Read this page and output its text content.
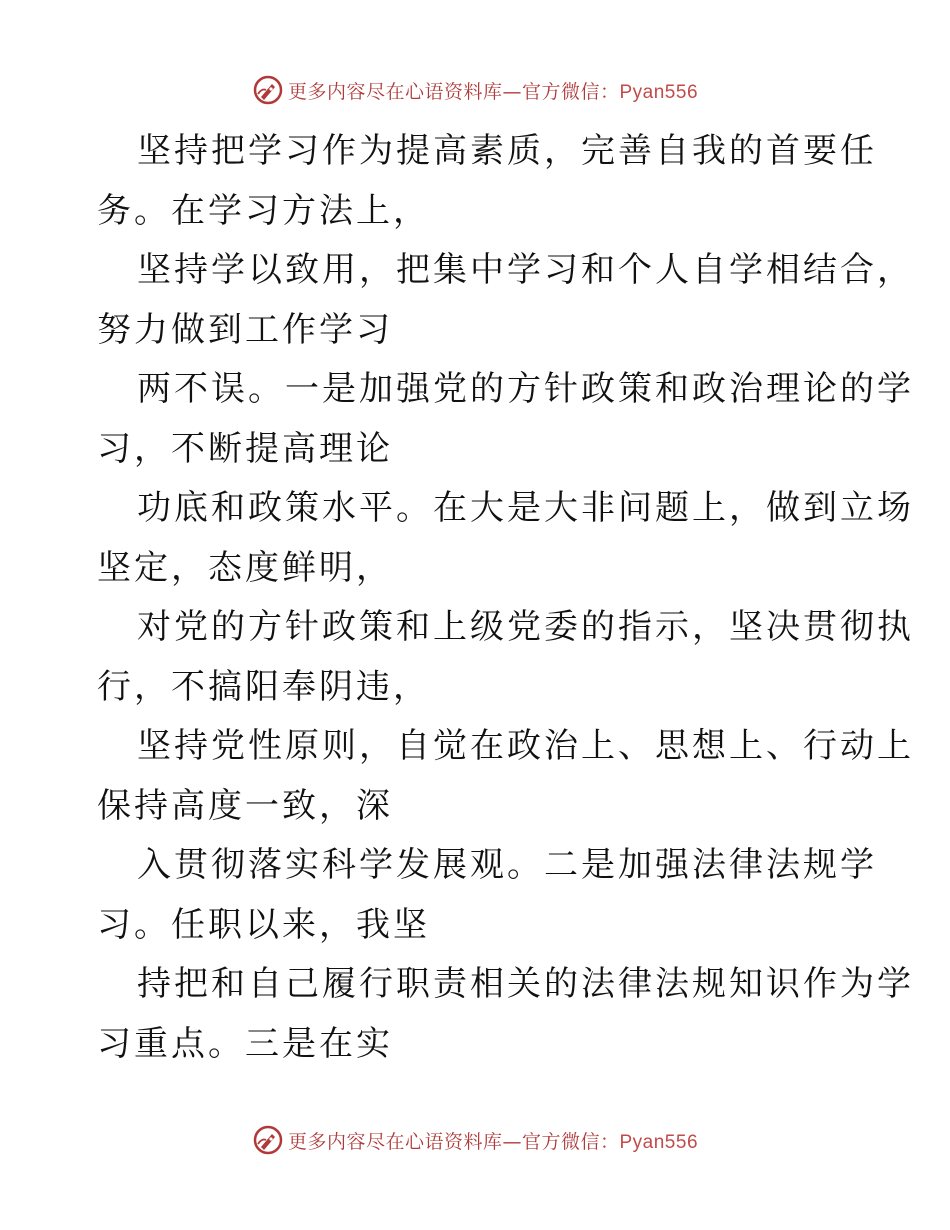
更多内容尽在心语资料库—官方微信：Pyan556
坚持把学习作为提高素质，完善自我的首要任
务。在学习方法上，
坚持学以致用，把集中学习和个人自学相结合，
努力做到工作学习
两不误。一是加强党的方针政策和政治理论的学
习，不断提高理论
功底和政策水平。在大是大非问题上，做到立场
坚定，态度鲜明，
对党的方针政策和上级党委的指示，坚决贯彻执
行，不搞阳奉阴违，
坚持党性原则，自觉在政治上、思想上、行动上
保持高度一致，深
入贯彻落实科学发展观。二是加强法律法规学
习。任职以来，我坚
持把和自己履行职责相关的法律法规知识作为学
习重点。三是在实
更多内容尽在心语资料库—官方微信：Pyan556
